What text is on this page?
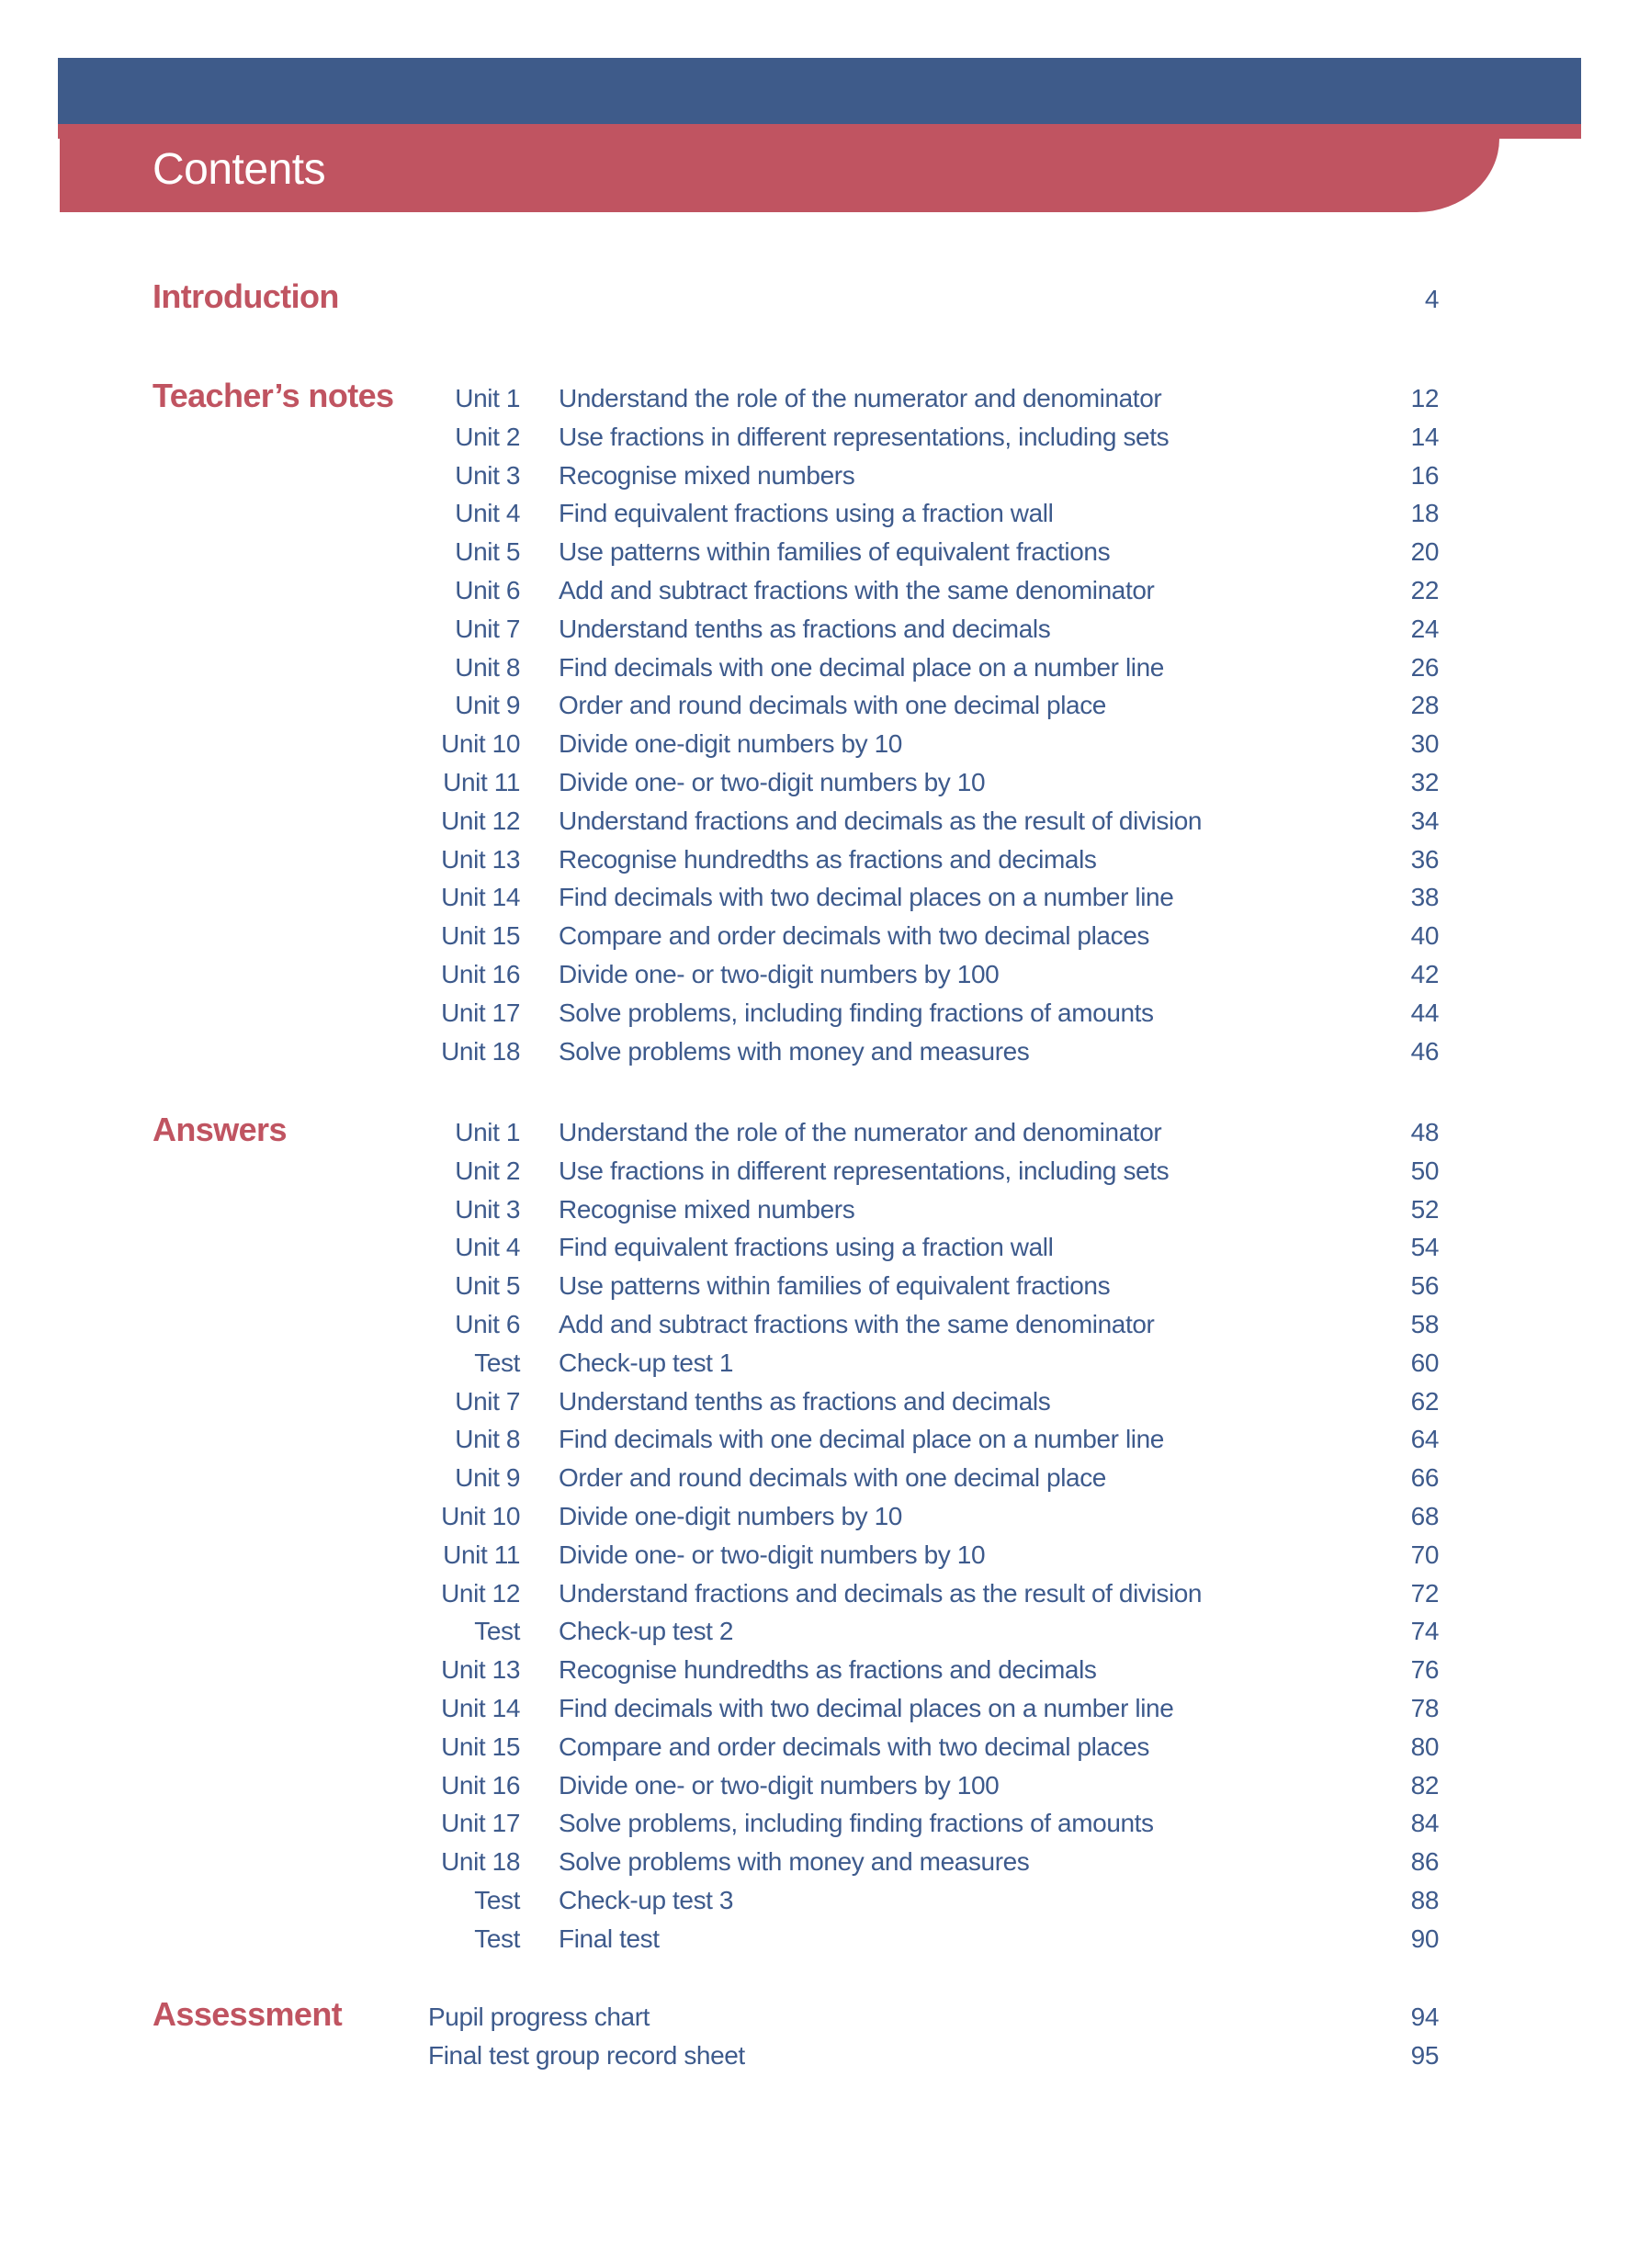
Contents
Introduction	4
Teacher’s notes Unit 1 Understand the role of the numerator and denominator	12
Unit 2 Use fractions in different representations, including sets	14
Unit 3 Recognise mixed numbers	16
Unit 4 Find equivalent fractions using a fraction wall	18
Unit 5 Use patterns within families of equivalent fractions	20
Unit 6 Add and subtract fractions with the same denominator	22
Unit 7 Understand tenths as fractions and decimals	24
Unit 8 Find decimals with one decimal place on a number line	26
Unit 9 Order and round decimals with one decimal place	28
Unit 10 Divide one-digit numbers by 10	30
Unit 11 Divide one- or two-digit numbers by 10	32
Unit 12 Understand fractions and decimals as the result of division	34
Unit 13 Recognise hundredths as fractions and decimals	36
Unit 14 Find decimals with two decimal places on a number line	38
Unit 15 Compare and order decimals with two decimal places	40
Unit 16 Divide one- or two-digit numbers by 100	42
Unit 17 Solve problems, including finding fractions of amounts	44
Unit 18 Solve problems with money and measures	46
Answers	Unit 1 Understand the role of the numerator and denominator	48
Unit 2 Use fractions in different representations, including sets	50
Unit 3 Recognise mixed numbers	52
Unit 4 Find equivalent fractions using a fraction wall	54
Unit 5 Use patterns within families of equivalent fractions	56
Unit 6 Add and subtract fractions with the same denominator	58
Test Check-up test 1	60
Unit 7 Understand tenths as fractions and decimals	62
Unit 8 Find decimals with one decimal place on a number line	64
Unit 9 Order and round decimals with one decimal place	66
Unit 10 Divide one-digit numbers by 10	68
Unit 11 Divide one- or two-digit numbers by 10	70
Unit 12 Understand fractions and decimals as the result of division	72
Test Check-up test 2	74
Unit 13 Recognise hundredths as fractions and decimals	76
Unit 14 Find decimals with two decimal places on a number line	78
Unit 15 Compare and order decimals with two decimal places	80
Unit 16 Divide one- or two-digit numbers by 100	82
Unit 17 Solve problems, including finding fractions of amounts	84
Unit 18 Solve problems with money and measures	86
Test Check-up test 3	88
Test Final test	90
Assessment	Pupil progress chart	94
Final test group record sheet	95
